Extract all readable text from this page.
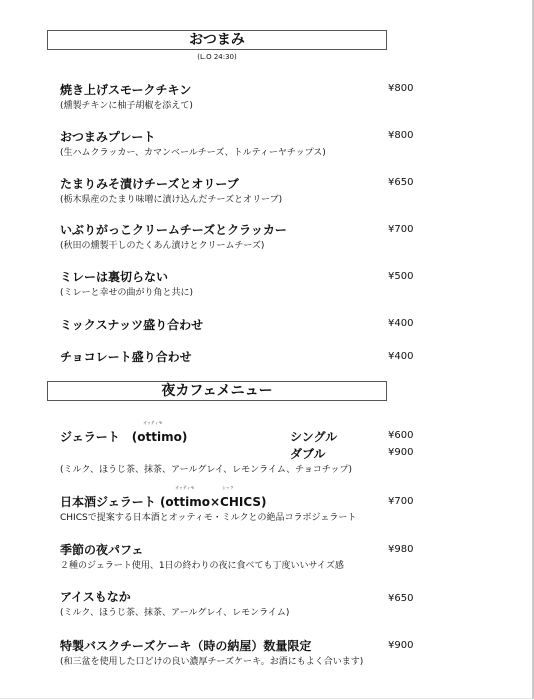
おつまみ
(L.O 24:30)
焼き上げスモークチキン	¥800
(燻製チキンに柚子胡椒を添えて)
おつまみプレート	¥800
(生ハムクラッカー、カマンベールチーズ、トルティーヤチップス)
たまりみそ漬けチーズとオリーブ	¥650
(栃木県産のたまり味噌に漬け込んだチーズとオリーブ)
いぶりがっこクリームチーズとクラッカー	¥700
(秋田の燻製干しのたくあん漬けとクリームチーズ)
ミレーは裏切らない	¥500
(ミレーと幸せの曲がり角と共に)
ミックスナッツ盛り合わせ	¥400
チョコレート盛り合わせ	¥400
夜カフェメニュー
オッティモ
ジェラート　(ottimo)	シングル	¥600
ダブル	¥900
(ミルク、ほうじ茶、抹茶、アールグレイ、レモンライム、チョコチップ)
オッティモ	シック
日本酒ジェラート (ottimo×CHICS)	¥700
CHICSで提案する日本酒とオッティモ・ミルクとの絶品コラボジェラート
季節の夜パフェ	¥980
２種のジェラート使用、1日の終わりの夜に食べても丁度いいサイズ感
アイスもなか	¥650
(ミルク、ほうじ茶、抹茶、アールグレイ、レモンライム)
特製バスクチーズケーキ（時の納屋）数量限定	¥900
(和三盆を使用した口どけの良い濃厚チーズケーキ。お酒にもよく合います)
